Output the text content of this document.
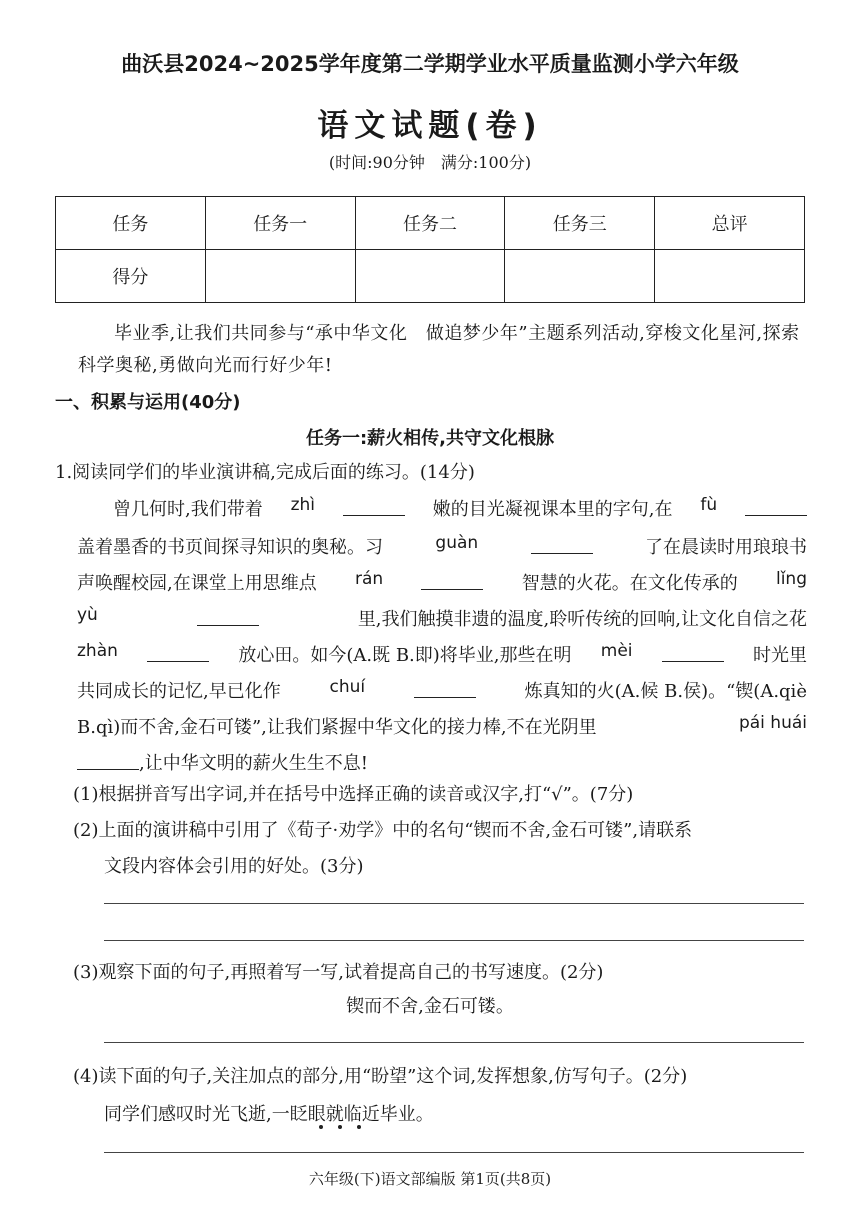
曲沃县2024~2025学年度第二学期学业水平质量监测小学六年级
语文试题(卷)
(时间:90分钟　满分:100分)
任务	任务一	任务二	任务三	总评
得分				
毕业季,让我们共同参与“承中华文化　做追梦少年”主题系列活动,穿梭文化星河,探索科学奥秘,勇做向光而行好少年!
一、积累与运用(40分)
任务一:薪火相传,共守文化根脉
1.阅读同学们的毕业演讲稿,完成后面的练习。(14分)
曾几何时,我们带着 zhì	嫩的目光凝视课本里的字句,在 fù
盖着墨香的书页间探寻知识的奥秘。习	guàn	了在晨读时用琅琅书
声唤醒校园,在课堂上用思维点 rán	智慧的火花。在文化传承的 lǐng
yù	里,我们触摸非遗的温度,聆听传统的回响,让文化自信之花
zhàn	放心田。如今(A.既 B.即)将毕业,那些在明 mèi	时光里
共同成长的记忆,早已化作	chuí	炼真知的火(A.候 B.侯)。“锲(A.qiè
B.qì)而不舍,金石可镂”,让我们紧握中华文化的接力棒,不在光阴里	pái huái
,让中华文明的薪火生生不息!
(1)根据拼音写出字词,并在括号中选择正确的读音或汉字,打“√”。(7分)
(2)上面的演讲稿中引用了《荀子·劝学》中的名句“锲而不舍,金石可镂”,请联系
文段内容体会引用的好处。(3分)
(3)观察下面的句子,再照着写一写,试着提高自己的书写速度。(2分)
锲而不舍,金石可镂。
(4)读下面的句子,关注加点的部分,用“盼望”这个词,发挥想象,仿写句子。(2分)
同学们感叹时光飞逝,一眨眼就临近毕业。
六年级(下)语文部编版 第1页(共8页)
